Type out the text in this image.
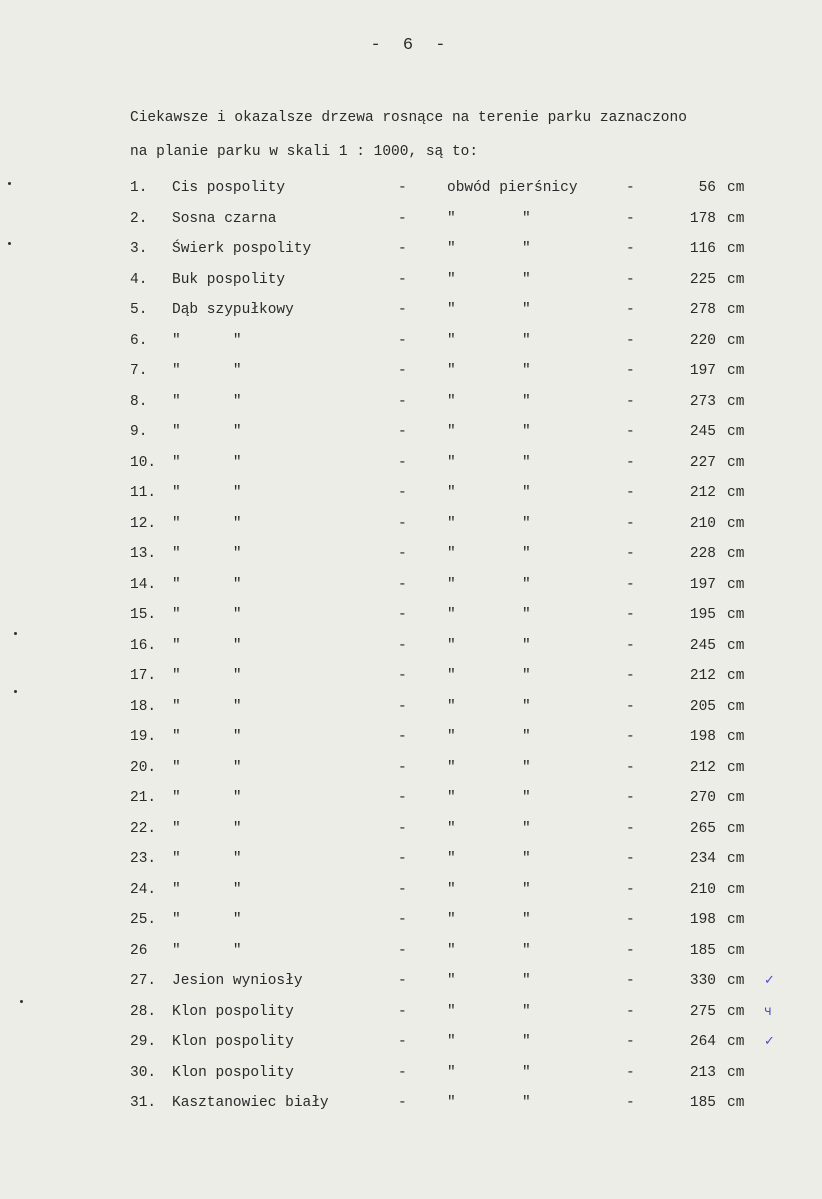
- 6 -
Ciekawsze i okazalsze drzewa rosnące na terenie parku zaznaczono
na planie parku w skali 1 : 1000, są to:
1. Cis pospolity	-	obwód pierśnicy	-	56 cm
2. Sosna czarna	-	"	"	-	178 cm
3. Świerk pospolity	-	"	"	-	116 cm
4. Buk pospolity	-	"	"	-	225 cm
5. Dąb szypułkowy	-	"	"	-	278 cm
6. "      "	-	"	"	-	220 cm
7. "      "	-	"	"	-	197 cm
8. "      "	-	"	"	-	273 cm
9. "      "	-	"	"	-	245 cm
10. "      "	-	"	"	-	227 cm
11. "      "	-	"	"	-	212 cm
12. "      "	-	"	"	-	210 cm
13. "      "	-	"	"	-	228 cm
14. "      "	-	"	"	-	197 cm
15. "      "	-	"	"	-	195 cm
16. "      "	-	"	"	-	245 cm
17. "      "	-	"	"	-	212 cm
18. "      "	-	"	"	-	205 cm
19. "      "	-	"	"	-	198 cm
20. "      "	-	"	"	-	212 cm
21. "      "	-	"	"	-	270 cm
22. "      "	-	"	"	-	265 cm
23. "      "	-	"	"	-	234 cm
24. "      "	-	"	"	-	210 cm
25. "      "	-	"	"	-	198 cm
26 "      "	-	"	"	-	185 cm
27. Jesion wyniosły	-	"	"	-	330 cm ✓
28. Klon pospolity	-	"	"	-	275 cm ч
29. Klon pospolity	-	"	"	-	264 cm ✓
30. Klon pospolity	-	"	"	-	213 cm
31. Kasztanowiec biały	-	"	"	-	185 cm
